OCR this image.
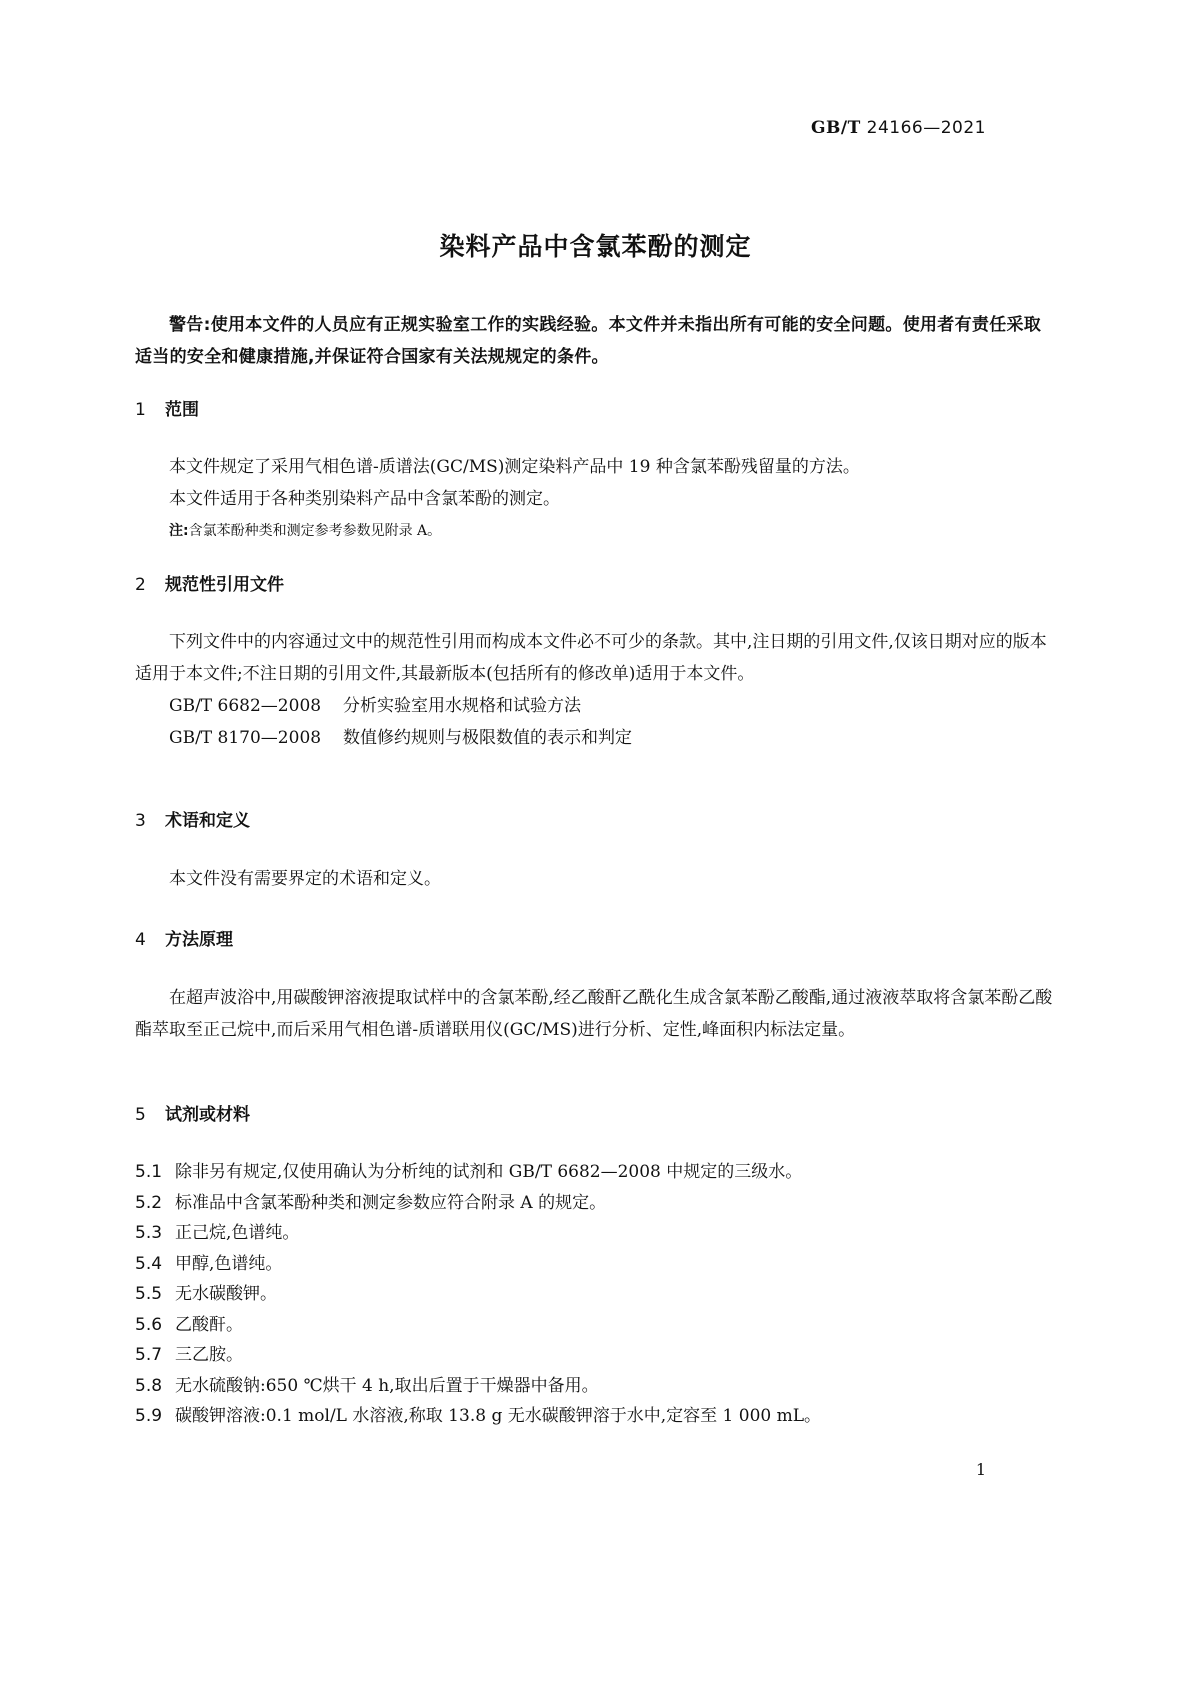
GB/T 24166—2021
染料产品中含氯苯酚的测定
警告:使用本文件的人员应有正规实验室工作的实践经验。本文件并未指出所有可能的安全问题。使用者有责任采取适当的安全和健康措施,并保证符合国家有关法规规定的条件。
1 范围

本文件规定了采用气相色谱-质谱法(GC/MS)测定染料产品中 19 种含氯苯酚残留量的方法。

本文件适用于各种类别染料产品中含氯苯酚的测定。

注:含氯苯酚种类和测定参考参数见附录 A。

2 规范性引用文件

下列文件中的内容通过文中的规范性引用而构成本文件必不可少的条款。其中,注日期的引用文件,仅该日期对应的版本适用于本文件;不注日期的引用文件,其最新版本(包括所有的修改单)适用于本文件。

GB/T 6682—2008 分析实验室用水规格和试验方法

GB/T 8170—2008 数值修约规则与极限数值的表示和判定

3 术语和定义

本文件没有需要界定的术语和定义。

4 方法原理

在超声波浴中,用碳酸钾溶液提取试样中的含氯苯酚,经乙酸酐乙酰化生成含氯苯酚乙酸酯,通过液液萃取将含氯苯酚乙酸酯萃取至正己烷中,而后采用气相色谱-质谱联用仪(GC/MS)进行分析、定性,峰面积内标法定量。

5 试剂或材料

5.1 除非另有规定,仅使用确认为分析纯的试剂和 GB/T 6682—2008 中规定的三级水。

5.2 标准品中含氯苯酚种类和测定参数应符合附录 A 的规定。

5.3 正己烷,色谱纯。

5.4 甲醇,色谱纯。

5.5 无水碳酸钾。

5.6 乙酸酐。

5.7 三乙胺。

5.8 无水硫酸钠:650 ℃烘干 4 h,取出后置于干燥器中备用。

5.9 碳酸钾溶液:0.1 mol/L 水溶液,称取 13.8 g 无水碳酸钾溶于水中,定容至 1 000 mL。

1
